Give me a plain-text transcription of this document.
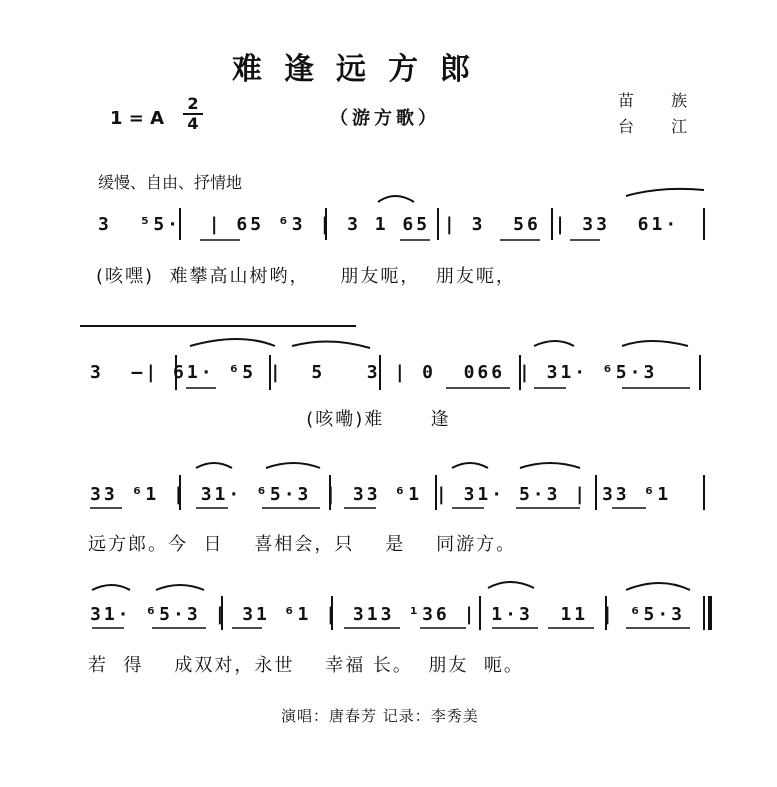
难逢远方郎
1 = A
2
4	（游方歌）
苗 族
台 江
缓慢、自由、抒情地
3  ⁵5·  | 65 ⁶3 | 3 1 65 | 3  56 | 33  61·
(咳嘿)  难攀高山树哟，    朋友呃，  朋友呃，
3  –| 61· ⁶5 |  5   3 | 0  066 | 31· ⁶5·3
(咳嘞)难      逢
33 ⁶1 | 31· ⁶5·3 | 33 ⁶1 | 31· 5·3 | 33 ⁶1
远方郎。今  日    喜相会，只    是    同游方。
31· ⁶5·3 | 31 ⁶1 | 313 ¹36 | 1·3  11 | ⁶5·3
若  得    成双对，永世    幸福 长。  朋友  呃。
演唱：唐春芳 记录：李秀美
